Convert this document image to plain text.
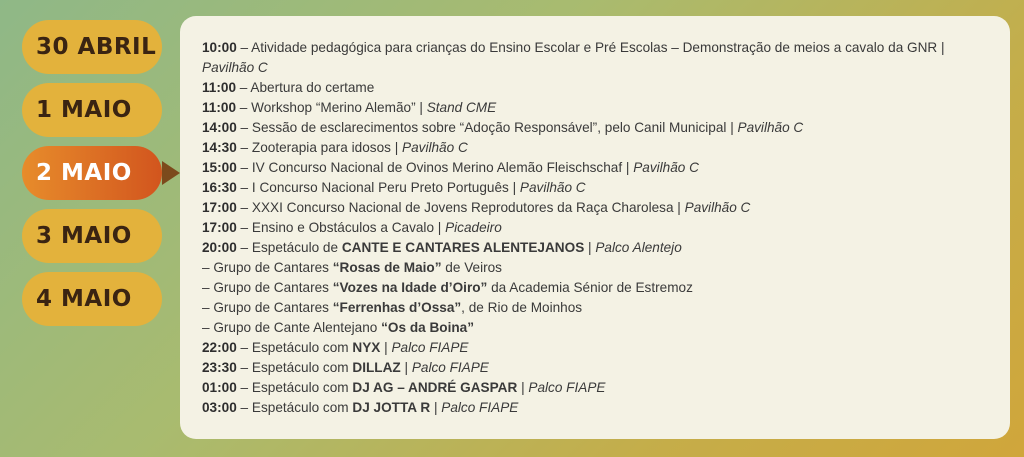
30 ABRIL
1 MAIO
2 MAIO
3 MAIO
4 MAIO

10:00 – Atividade pedagógica para crianças do Ensino Escolar e Pré Escolas – Demonstração de meios a cavalo da GNR | Pavilhão C

11:00 – Abertura do certame

11:00 – Workshop “Merino Alemão” | Stand CME

14:00 – Sessão de esclarecimentos sobre “Adoção Responsável”, pelo Canil Municipal | Pavilhão C

14:30 – Zooterapia para idosos | Pavilhão C

15:00 – IV Concurso Nacional de Ovinos Merino Alemão Fleischschaf | Pavilhão C

16:30 – I Concurso Nacional Peru Preto Português | Pavilhão C

17:00 – XXXI Concurso Nacional de Jovens Reprodutores da Raça Charolesa | Pavilhão C

17:00 – Ensino e Obstáculos a Cavalo | Picadeiro

20:00 – Espetáculo de CANTE E CANTARES ALENTEJANOS | Palco Alentejo

– Grupo de Cantares “Rosas de Maio” de Veiros

– Grupo de Cantares “Vozes na Idade d’Oiro” da Academia Sénior de Estremoz

– Grupo de Cantares “Ferrenhas d’Ossa”, de Rio de Moinhos

– Grupo de Cante Alentejano “Os da Boina”

22:00 – Espetáculo com NYX | Palco FIAPE

23:30 – Espetáculo com DILLAZ | Palco FIAPE

01:00 – Espetáculo com DJ AG – ANDRÉ GASPAR | Palco FIAPE

03:00 – Espetáculo com DJ JOTTA R | Palco FIAPE
